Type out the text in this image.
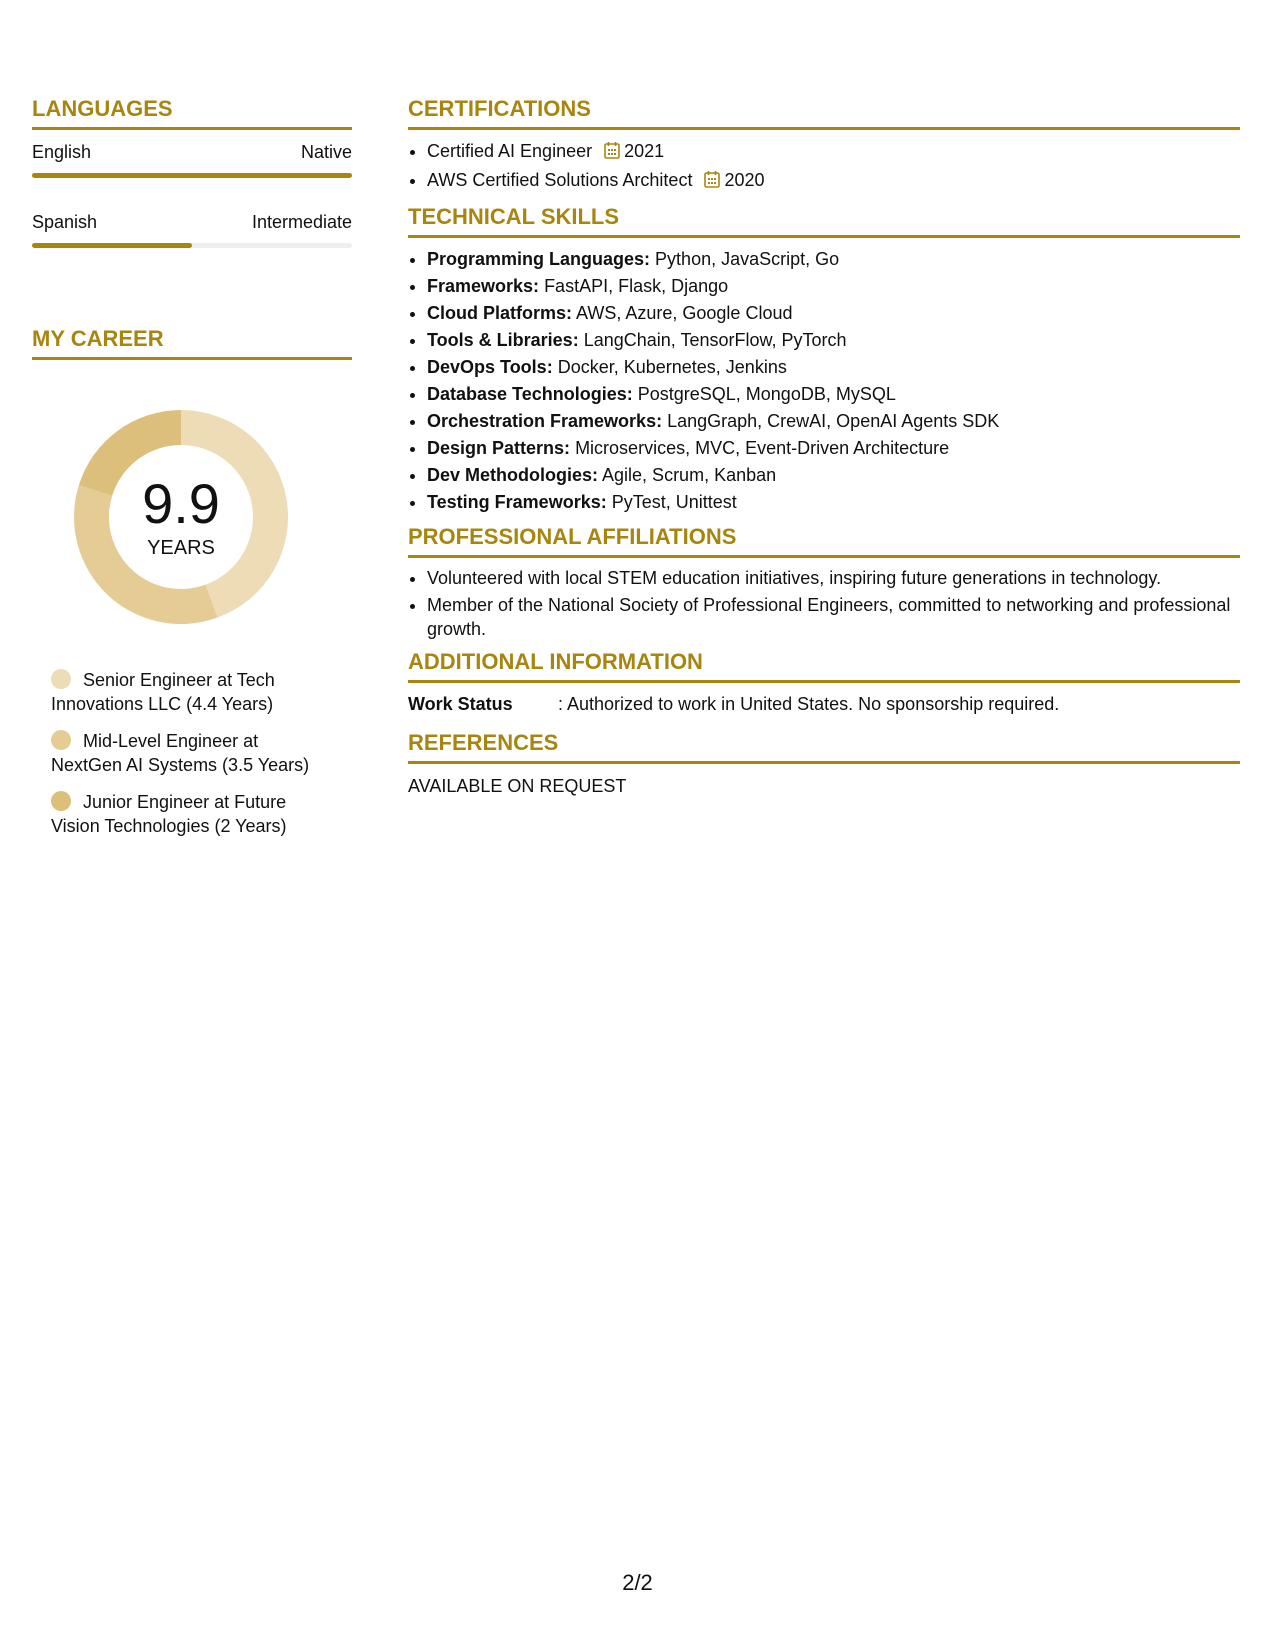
LANGUAGES
English	Native
Spanish	Intermediate
MY CAREER
9.9
YEARS
Senior Engineer at Tech Innovations LLC (4.4 Years)
Mid-Level Engineer at NextGen AI Systems (3.5 Years)
Junior Engineer at Future Vision Technologies (2 Years)
CERTIFICATIONS
• Certified AI Engineer 2021
• AWS Certified Solutions Architect 2020
TECHNICAL SKILLS
• Programming Languages: Python, JavaScript, Go
• Frameworks: FastAPI, Flask, Django
• Cloud Platforms: AWS, Azure, Google Cloud
• Tools & Libraries: LangChain, TensorFlow, PyTorch
• DevOps Tools: Docker, Kubernetes, Jenkins
• Database Technologies: PostgreSQL, MongoDB, MySQL
• Orchestration Frameworks: LangGraph, CrewAI, OpenAI Agents SDK
• Design Patterns: Microservices, MVC, Event-Driven Architecture
• Dev Methodologies: Agile, Scrum, Kanban
• Testing Frameworks: PyTest, Unittest
PROFESSIONAL AFFILIATIONS
• Volunteered with local STEM education initiatives, inspiring future generations in technology.
• Member of the National Society of Professional Engineers, committed to networking and professional growth.
ADDITIONAL INFORMATION
Work Status	: Authorized to work in United States. No sponsorship required.
REFERENCES
AVAILABLE ON REQUEST
2/2
